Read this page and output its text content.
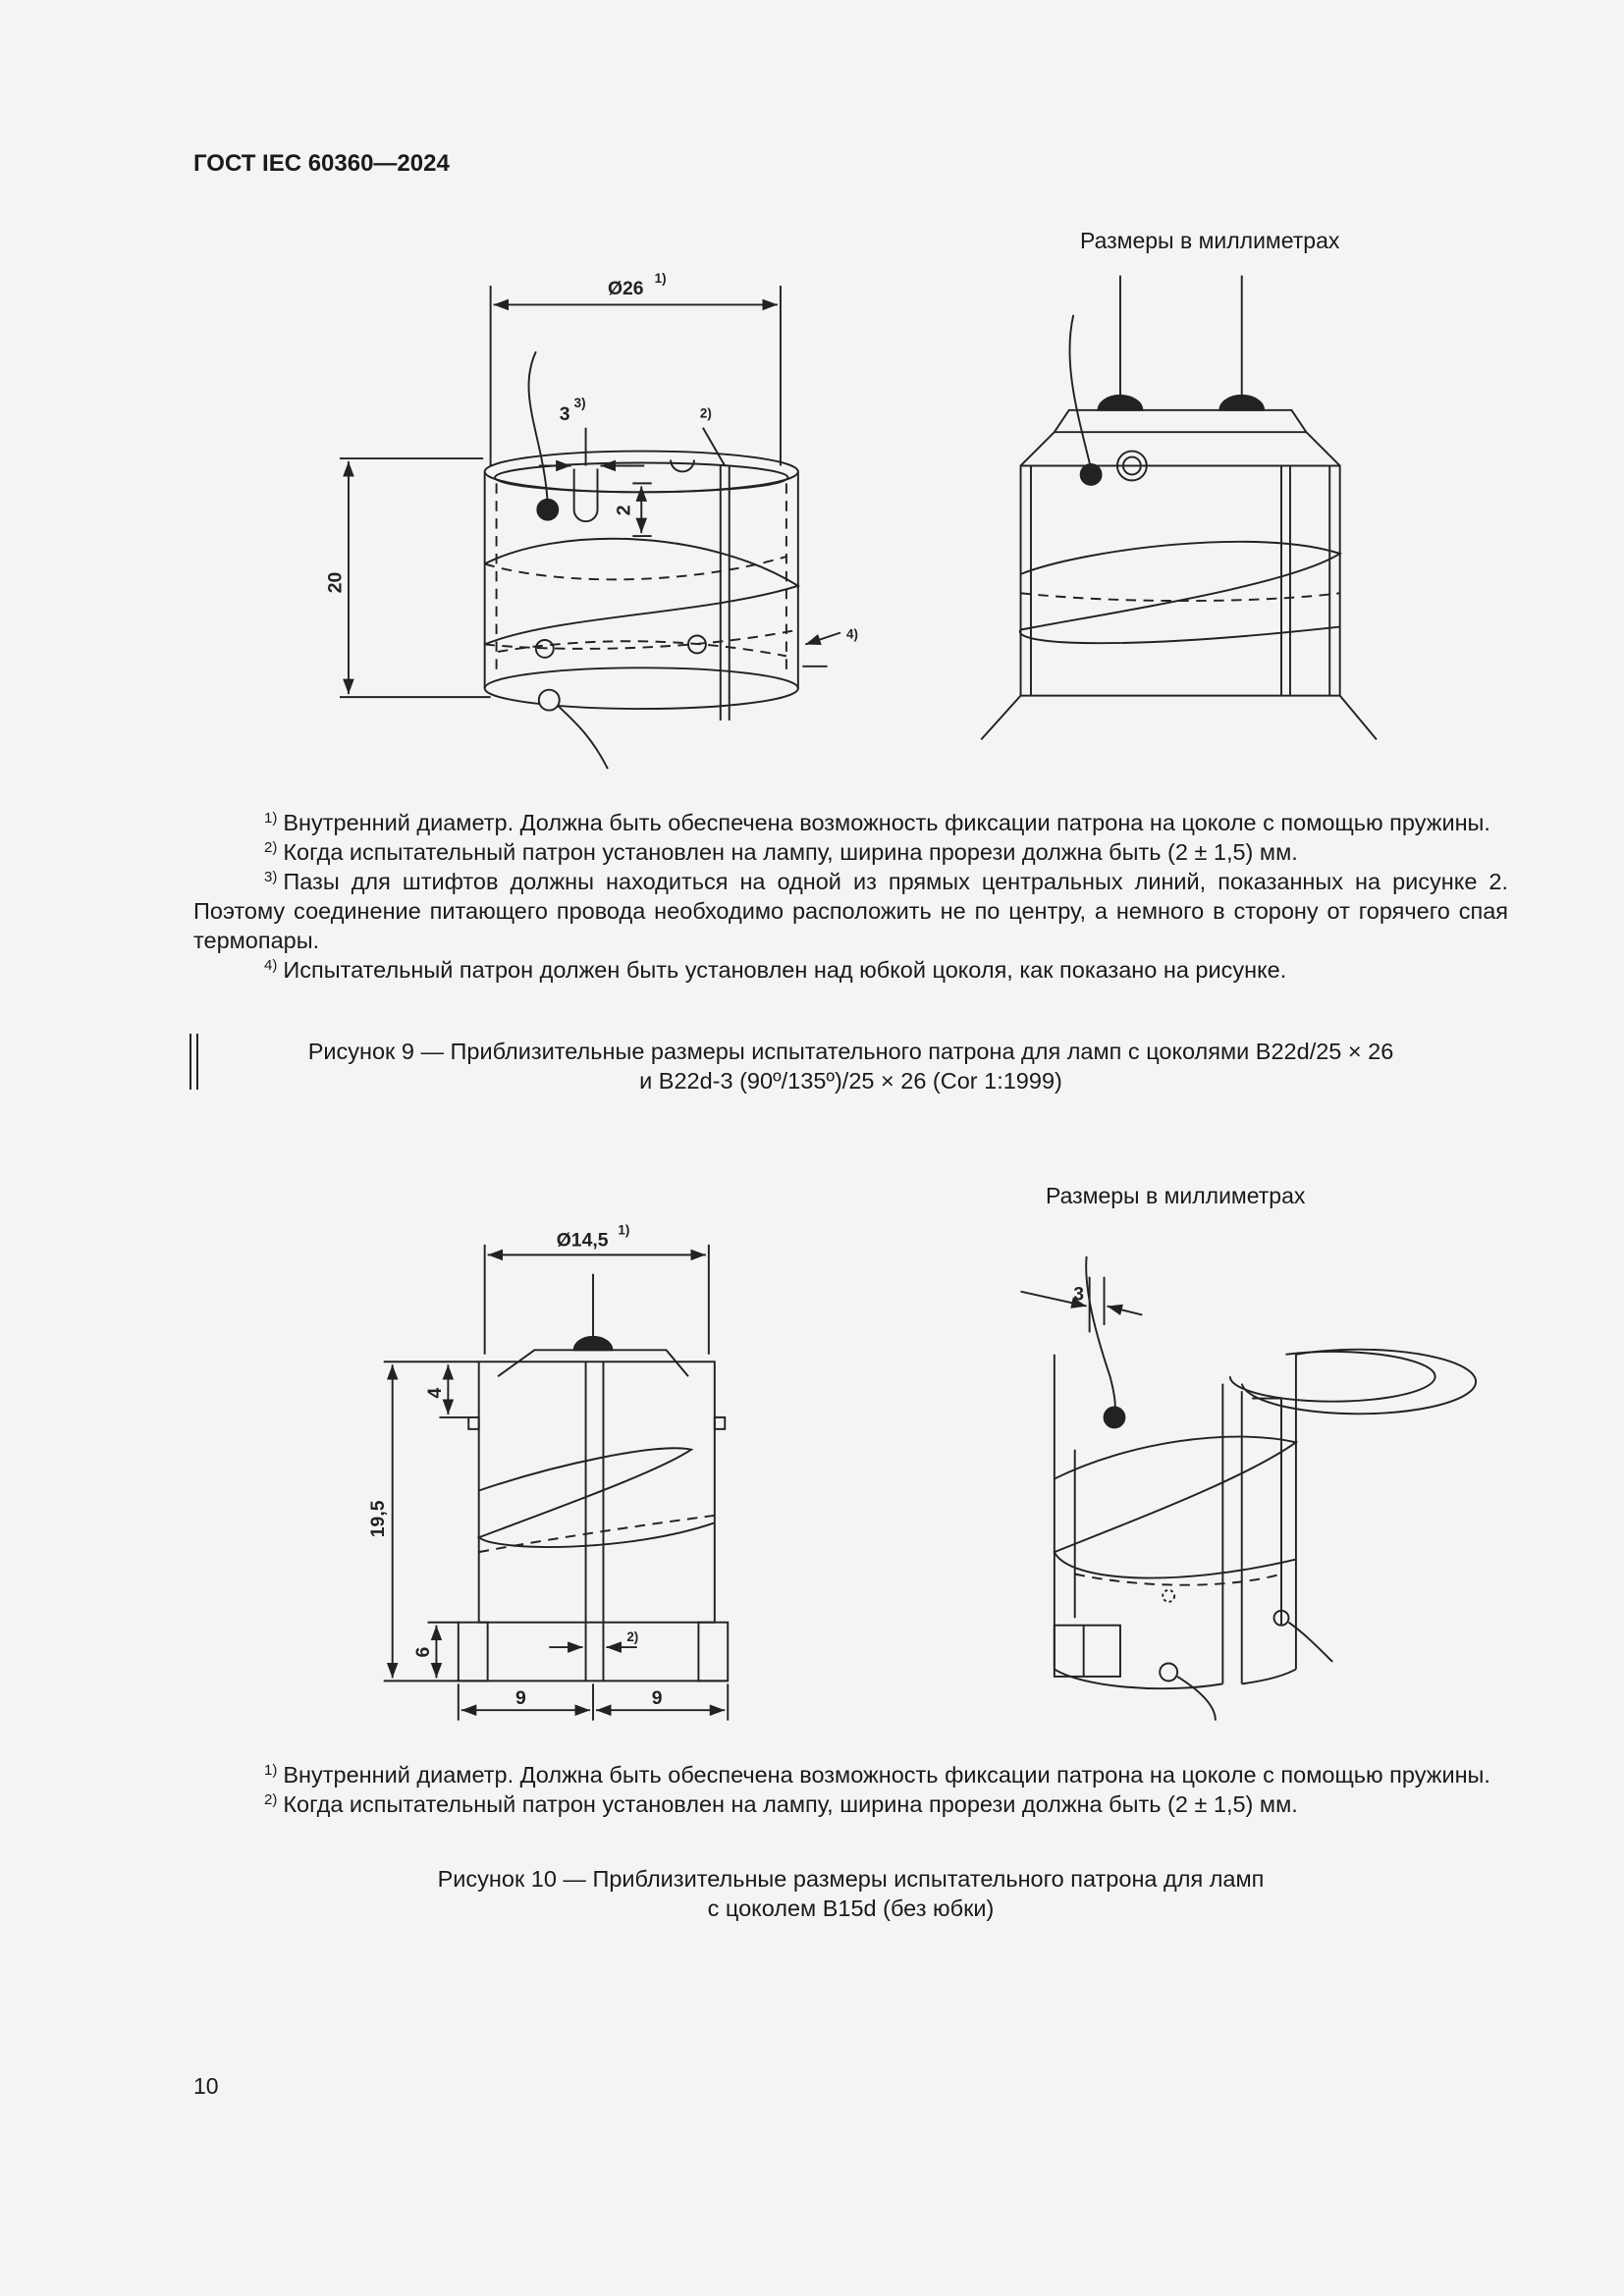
ГОСТ IEC 60360—2024
Размеры в миллиметрах
Размеры в миллиметрах
Ø26 1)
3
3)
2)
2
20
4)
Ø14,5 1)
4
19,5
6
2)
9	9
3

$^{1)}$ Внутренний диаметр. Должна быть обеспечена возможность фиксации патрона на цоколе с помощью пружины.

$^{2)}$ Когда испытательный патрон установлен на лампу, ширина прорези должна быть (2 ± 1,5) мм.

$^{3)}$ Пазы для штифтов должны находиться на одной из прямых центральных линий, показанных на рисунке 2. Поэтому соединение питающего провода необходимо расположить не по центру, а немного в сторону от горячего спая термопары.

$^{4)}$ Испытательный патрон должен быть установлен над юбкой цоколя, как показано на рисунке.

Рисунок 9 — Приблизительные размеры испытательного патрона для ламп с цоколями B22d/25 × 26
и B22d-3 (90º/135º)/25 × 26 (Cor 1:1999)

$^{1)}$ Внутренний диаметр. Должна быть обеспечена возможность фиксации патрона на цоколе с помощью пружины.

$^{2)}$ Когда испытательный патрон установлен на лампу, ширина прорези должна быть (2 ± 1,5) мм.

Рисунок 10 — Приблизительные размеры испытательного патрона для ламп
с цоколем B15d (без юбки)
10
